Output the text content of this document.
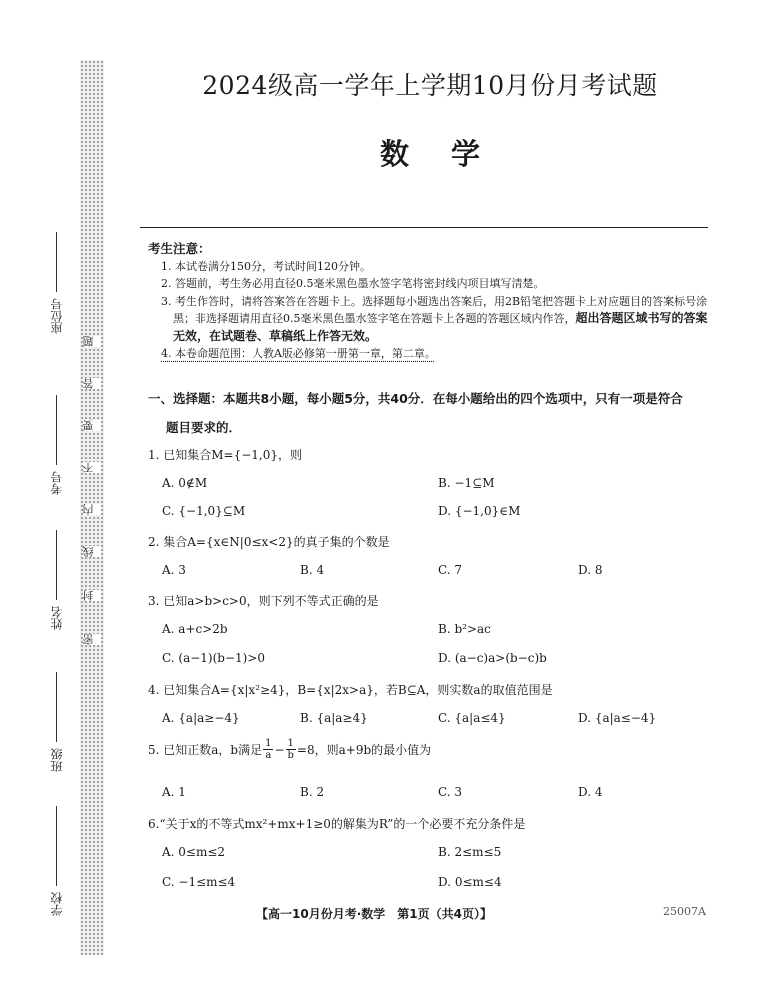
题
答
要
不
内
线
封
密
座位号
考号
姓名
班级
学校
2024级高一学年上学期10月份月考试题
数学
考生注意：
1. 本试卷满分150分，考试时间120分钟。
2. 答题前，考生务必用直径0.5毫米黑色墨水签字笔将密封线内项目填写清楚。
3. 考生作答时，请将答案答在答题卡上。选择题每小题选出答案后，用2B铅笔把答题卡上对应题目的答案标号涂黑；非选择题请用直径0.5毫米黑色墨水签字笔在答题卡上各题的答题区域内作答，超出答题区域书写的答案无效，在试题卷、草稿纸上作答无效。
4. 本卷命题范围：人教A版必修第一册第一章，第二章。
一、选择题：本题共8小题，每小题5分，共40分．在每小题给出的四个选项中，只有一项是符合
题目要求的．
1. 已知集合M={−1,0}，则
A. 0∉M	B. −1⊆M
C. {−1,0}⊆M	D. {−1,0}∈M
2. 集合A={x∈N|0≤x<2}的真子集的个数是
A. 3	B. 4	C. 7	D. 8
3. 已知a>b>c>0，则下列不等式正确的是
A. a+c>2b	B. b²>ac
C. (a−1)(b−1)>0	D. (a−c)a>(b−c)b
4. 已知集合A={x|x²≥4}，B={x|2x>a}，若B⊆A，则实数a的取值范围是
A. {a|a≥−4}	B. {a|a≥4}	C. {a|a≤4}	D. {a|a≤−4}
5. 已知正数a，b满足 $\frac{1}{a} - \frac{1}{b} =8$，则a+9b的最小值为
A. 1	B. 2	C. 3	D. 4
6.“关于x的不等式mx²+mx+1≥0的解集为R”的一个必要不充分条件是
A. 0≤m≤2	B. 2≤m≤5
C. −1≤m≤4	D. 0≤m≤4
【高一10月份月考·数学　第1页（共4页）】	25007A
